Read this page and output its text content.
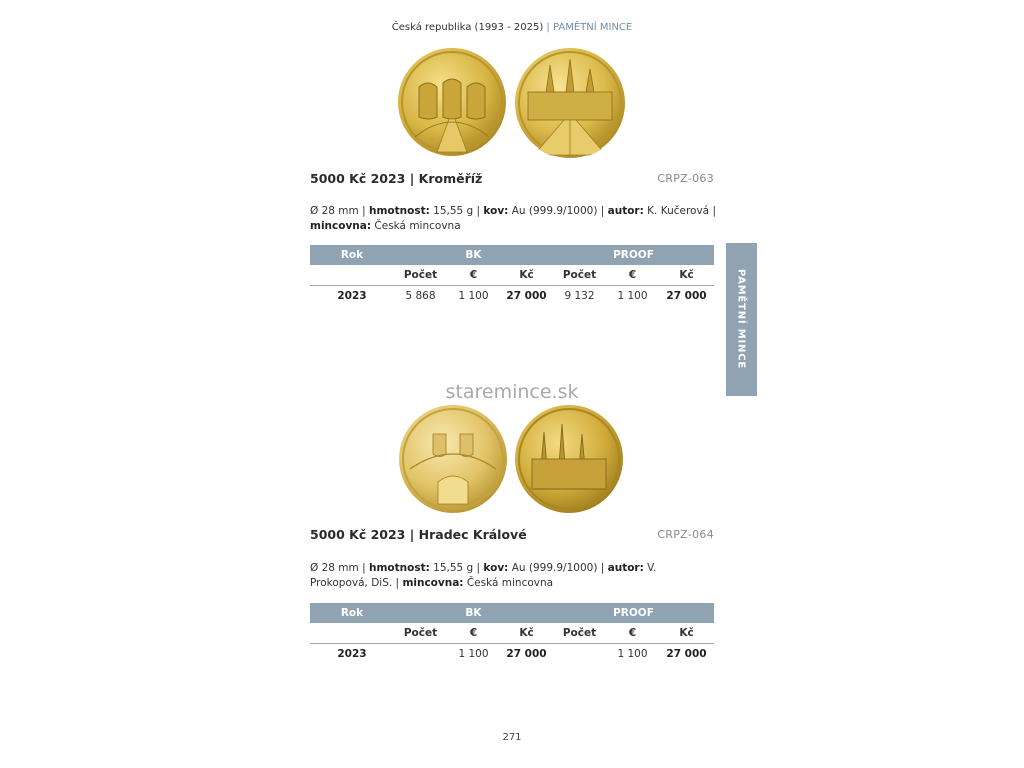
Česká republika (1993 - 2025) | PAMĚTNÍ MINCE
5000 Kč 2023 | Kroměříž	CRPZ-063
Ø 28 mm | hmotnost: 15,55 g | kov: Au (999.9/1000) | autor: K. Kučerová | mincovna: Česká mincovna
Rok	BK			PROOF		
	Počet	€	Kč	Počet	€	Kč
2023	5 868	1 100	27 000	9 132	1 100	27 000	PAMĚTNÍ MINCE
staremince.sk
5000 Kč 2023 | Hradec Králové	CRPZ-064
Ø 28 mm | hmotnost: 15,55 g | kov: Au (999.9/1000) | autor: V. Prokopová, DiS. | mincovna: Česká mincovna
Rok	BK			PROOF		
	Počet	€	Kč	Počet	€	Kč
2023		1 100	27 000		1 100	27 000
271
